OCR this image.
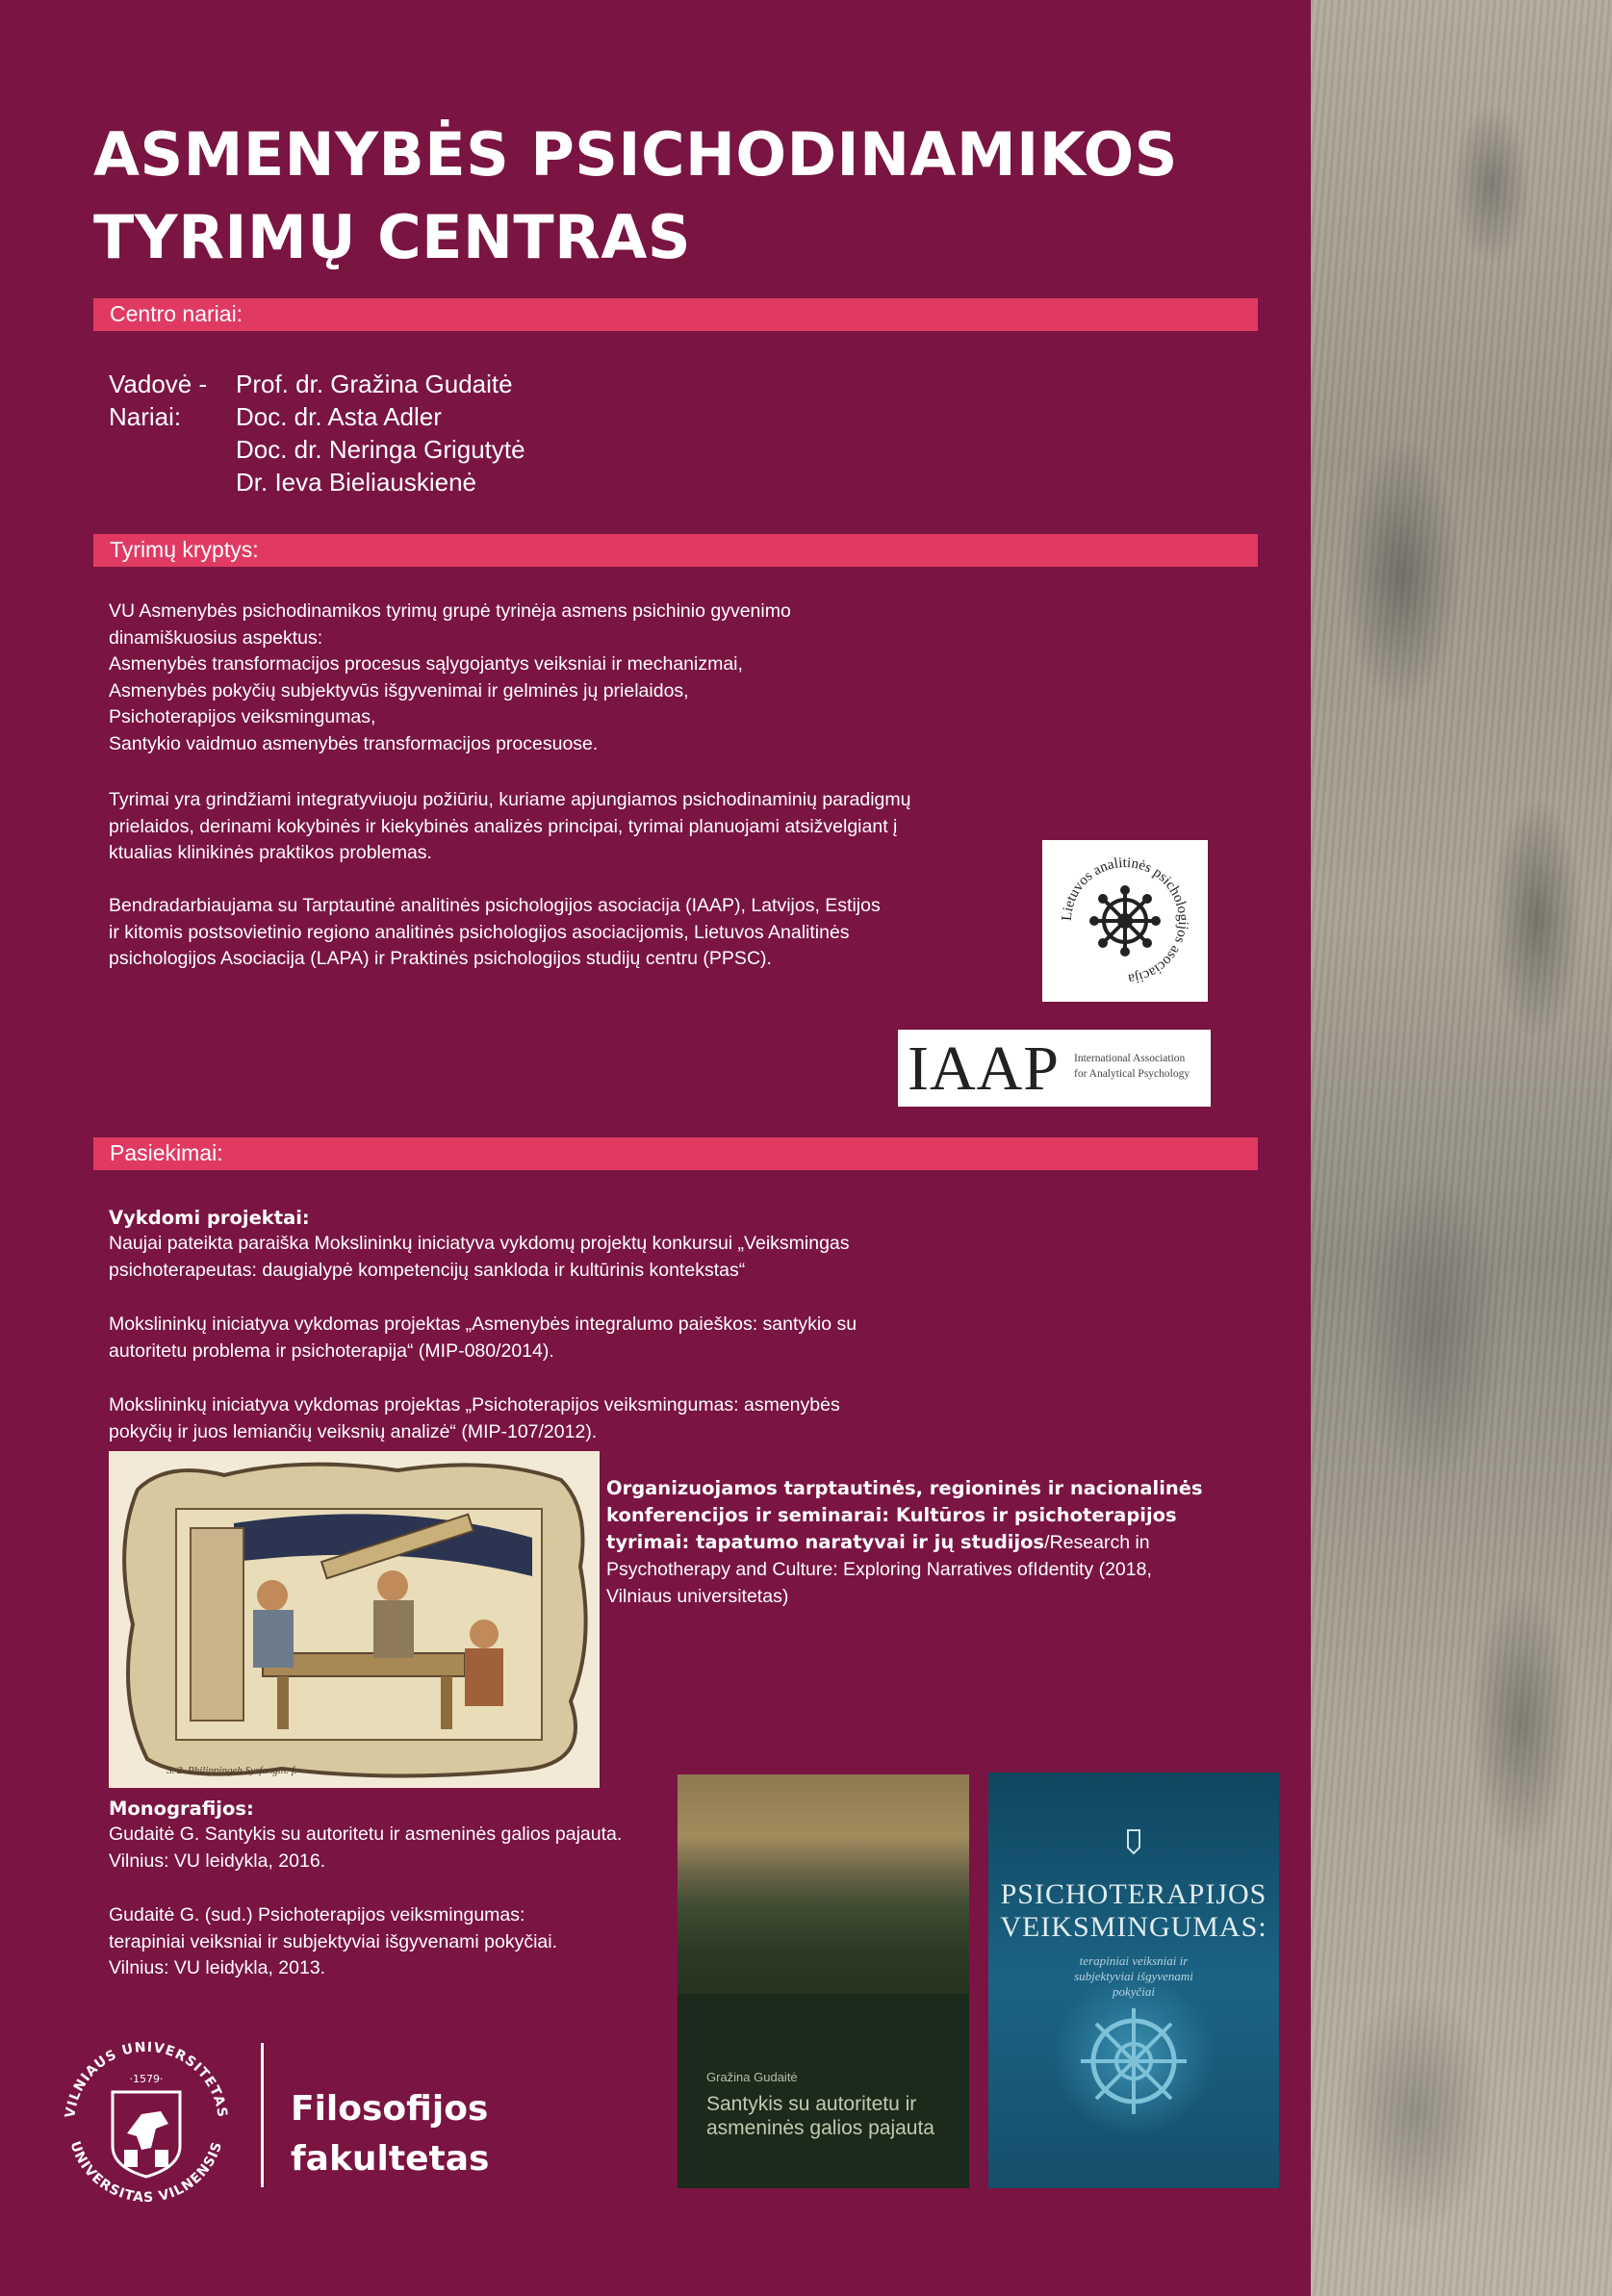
ASMENYBĖS PSICHODINAMIKOS
TYRIMŲ CENTRAS
Centro nariai:
Vadovė -	Prof. dr. Gražina Gudaitė
Nariai:	Doc. dr. Asta Adler
Doc. dr. Neringa Grigutytė
Dr. Ieva Bieliauskienė
Tyrimų kryptys:
VU Asmenybės psichodinamikos tyrimų grupė tyrinėja asmens psichinio gyvenimo
dinamiškuosius aspektus:
Asmenybės transformacijos procesus sąlygojantys veiksniai ir mechanizmai,
Asmenybės pokyčių subjektyvūs išgyvenimai ir gelminės jų prielaidos,
Psichoterapijos veiksmingumas,
Santykio vaidmuo asmenybės transformacijos procesuose.
Tyrimai yra grindžiami integratyviuoju požiūriu, kuriame apjungiamos psichodinaminių paradigmų
prielaidos, derinami kokybinės ir kiekybinės analizės principai, tyrimai planuojami atsižvelgiant į
ktualias klinikinės praktikos problemas.
Bendradarbiaujama su Tarptautinė analitinės psichologijos asociacija (IAAP), Latvijos, Estijos
ir kitomis postsovietinio regiono analitinės psichologijos asociacijomis, Lietuvos Analitinės
psichologijos Asociacija (LAPA) ir Praktinės psichologijos studijų centru (PPSC).
Lietuvos analitinės psichologijos asociacija
IAAP International Association
for Analytical Psychology
Pasiekimai:
Vykdomi projektai:
Naujai pateikta paraiška Mokslininkų iniciatyva vykdomų projektų konkursui „Veiksmingas
psichoterapeutas: daugialypė kompetencijų sankloda ir kultūrinis kontekstas“
Mokslininkų iniciatyva vykdomas projektas „Asmenybės integralumo paieškos: santykio su
autoritetu problema ir psichoterapija“ (MIP-080/2014).
Mokslininkų iniciatyva vykdomas projektas „Psichoterapijos veiksmingumas: asmenybės
pokyčių ir juos lemiančių veiksnių analizė“ (MIP-107/2012).
S. 2. Philippingeh Sysfangin. f.
Organizuojamos tarptautinės, regioninės ir nacionalinės konferencijos ir seminarai: Kultūros ir psichoterapijos tyrimai: tapatumo naratyvai ir jų studijos/Research in Psychotherapy and Culture: Exploring Narratives ofIdentity (2018, Vilniaus universitetas)
Monografijos:
Gudaitė G. Santykis su autoritetu ir asmeninės galios pajauta.
Vilnius: VU leidykla, 2016.
Gudaitė G. (sud.) Psichoterapijos veiksmingumas:
terapiniai veiksniai ir subjektyviai išgyvenami pokyčiai.
Vilnius: VU leidykla, 2013.
Gražina Gudaitė
Santykis su autoritetu ir asmeninės galios pajauta
PSICHOTERAPIJOS
VEIKSMINGUMAS:
terapiniai veiksniai ir
subjektyviai išgyvenami
pokyčiai
VILNIAUS UNIVERSITETAS
UNIVERSITAS VILNENSIS
·1579·
Filosofijos
fakultetas
